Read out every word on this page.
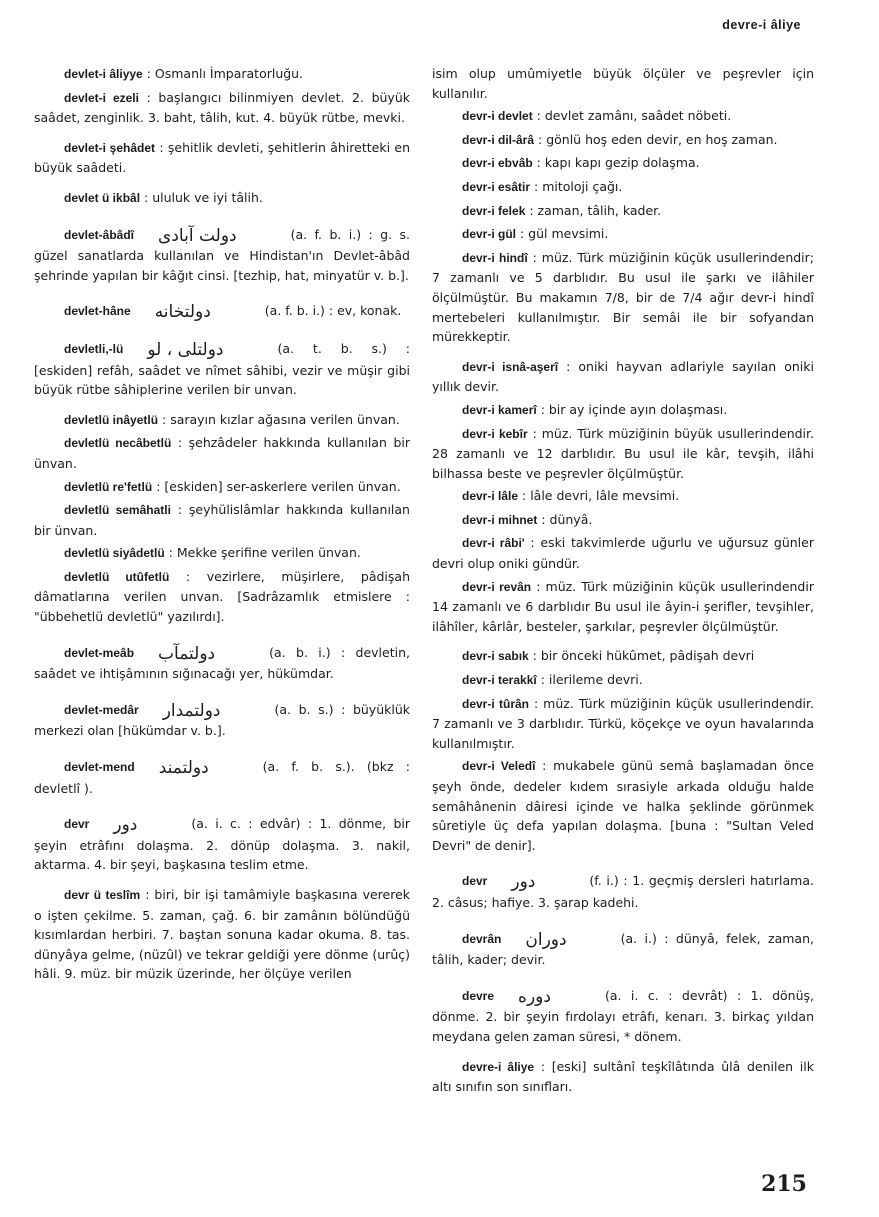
devre-i âliye

devlet-i âliyye : Osmanlı İmparatorluğu.

devlet-i ezeli : başlangıcı bilinmiyen devlet. 2. büyük saâdet, zenginlik. 3. baht, tâlih, kut. 4. büyük rütbe, mevki.

devlet-i şehâdet : şehitlik devleti, şehitlerin âhiretteki en büyük saâdeti.

devlet ü ikbâl : ululuk ve iyi tâlih.

devlet-âbâdî دولت آبادى	(a. f. b. i.) : g. s. güzel sanatlarda kullanılan ve Hindistan'ın Devlet-âbâd şehrinde yapılan bir kâğıt cinsi. [tezhip, hat, minyatür v. b.].

devlet-hâne دولتخانه	(a. f. b. i.) : ev, konak.

devletli,-lü دولتلى ، لو	(a. t. b. s.) : [eskiden] refâh, saâdet ve nîmet sâhibi, vezir ve müşir gibi büyük rütbe sâhiplerine verilen bir unvan.

devletlü inâyetlü : sarayın kızlar ağasına verilen ünvan.

devletlü necâbetlü : şehzâdeler hakkında kullanılan bir ünvan.

devletlü re'fetlü : [eskiden] ser-askerlere verilen ünvan.

devletlü semâhatli : şeyhülislâmlar hakkında kullanılan bir ünvan.

devletlü siyâdetlü : Mekke şerifine verilen ünvan.

devletlü utûfetlü : vezirlere, müşirlere, pâdişah dâmatlarına verilen unvan. [Sadrâzamlık etmislere : "übbehetlü devletlü" yazılırdı].

devlet-meâb دولتمآب	(a. b. i.) : devletin, saâdet ve ihtişâmının sığınacağı yer, hükümdar.

devlet-medâr دولتمدار	(a. b. s.) : büyüklük merkezi olan [hükümdar v. b.].

devlet-mend دولتمند	(a. f. b. s.). (bkz : devletlî ).

devr دور	(a. i. c. : edvâr) : 1. dönme, bir şeyin etrâfını dolaşma. 2. dönüp dolaşma. 3. nakil, aktarma. 4. bir şeyi, başkasına teslim etme.

devr ü teslîm : biri, bir işi tamâmiyle başkasına vererek o işten çekilme. 5. zaman, çağ. 6. bir zamânın bölündüğü kısımlardan herbiri. 7. baştan sonuna kadar okuma. 8. tas. dünyâya gelme, (nüzûl) ve tekrar geldiği yere dönme (urûç) hâli. 9. müz. bir müzik üzerinde, her ölçüye verilen

isim olup umûmiyetle büyük ölçüler ve peşrevler için kullanılır.

devr-i devlet : devlet zamânı, saâdet nöbeti.

devr-i dil-ârâ : gönlü hoş eden devir, en hoş zaman.

devr-i ebvâb : kapı kapı gezip dolaşma.

devr-i esâtir : mitoloji çağı.

devr-i felek : zaman, tâlih, kader.

devr-i gül : gül mevsimi.

devr-i hindî : müz. Türk müziğinin küçük usullerindendir; 7 zamanlı ve 5 darblıdır. Bu usul ile şarkı ve ilâhiler ölçülmüştür. Bu makamın 7/8, bir de 7/4 ağır devr-i hindî mertebeleri kullanılmıştır. Bir semâi ile bir sofyandan mürekkeptir.

devr-i isnâ-aşerî : oniki hayvan adlariyle sayılan oniki yıllık devir.

devr-i kamerî : bir ay içinde ayın dolaşması.

devr-i kebîr : müz. Türk müziğinin büyük usullerindendir. 28 zamanlı ve 12 darblıdır. Bu usul ile kâr, tevşih, ilâhi bilhassa beste ve peşrevler ölçülmüştür.

devr-i lâle : lâle devri, lâle mevsimi.

devr-i mihnet : dünyâ.

devr-i râbi' : eski takvimlerde uğurlu ve uğursuz günler devri olup oniki gündür.

devr-i revân : müz. Türk müziğinin küçük usullerindendir 14 zamanlı ve 6 darblıdır Bu usul ile âyin-i şerifler, tevşihler, ilâhîler, kârlâr, besteler, şarkılar, peşrevler ölçülmüştür.

devr-i sabık : bir önceki hükûmet, pâdişah devri

devr-i terakkî : ilerileme devri.

devr-i tûrân : müz. Türk müziğinin küçük usullerindendir. 7 zamanlı ve 3 darblıdır. Türkü, köçekçe ve oyun havalarında kullanılmıştır.

devr-i Veledî : mukabele günü semâ başlamadan önce şeyh önde, dedeler kıdem sırasiyle arkada olduğu halde semâhânenin dâiresi içinde ve halka şeklinde görünmek sûretiyle üç defa yapılan dolaşma. [buna : "Sultan Veled Devri" de denir].

devr دور	(f. i.) : 1. geçmiş dersleri hatırlama. 2. câsus; hafiye. 3. şarap kadehi.

devrân دوران	(a. i.) : dünyâ, felek, zaman, tâlih, kader; devir.

devre دوره	(a. i. c. : devrât) : 1. dönüş, dönme. 2. bir şeyin fırdolayı etrâfı, kenarı. 3. birkaç yıldan meydana gelen zaman süresi, * dönem.

devre-i âliye : [eski] sultânî teşkîlâtında ûlâ denilen ilk altı sınıfın son sınıfları.

215
